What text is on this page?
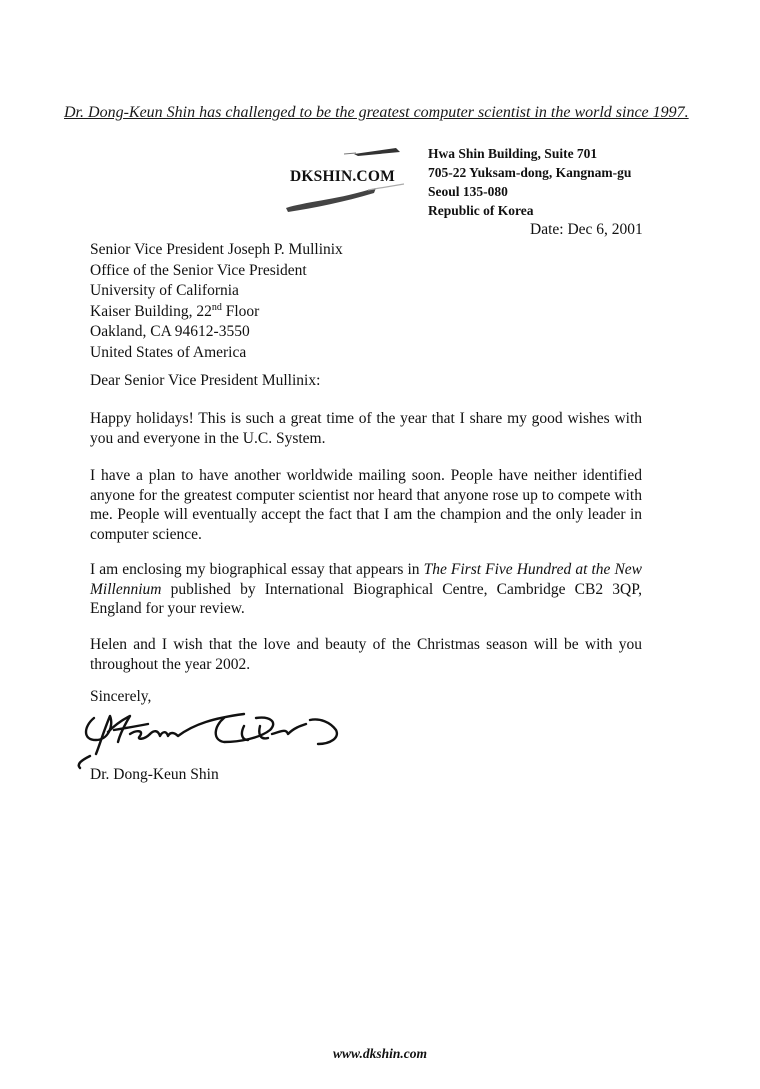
Dr. Dong-Keun Shin has challenged to be the greatest computer scientist in the world since 1997.
DKSHIN.COM
Hwa Shin Building, Suite 701
705-22 Yuksam-dong, Kangnam-gu
Seoul 135-080
Republic of Korea
Date: Dec 6, 2001
Senior Vice President Joseph P. Mullinix
Office of the Senior Vice President
University of California
Kaiser Building, 22nd Floor
Oakland, CA 94612-3550
United States of America
Dear Senior Vice President Mullinix:
Happy holidays! This is such a great time of the year that I share my good wishes with you and everyone in the U.C. System.
I have a plan to have another worldwide mailing soon. People have neither identified anyone for the greatest computer scientist nor heard that anyone rose up to compete with me. People will eventually accept the fact that I am the champion and the only leader in computer science.
I am enclosing my biographical essay that appears in The First Five Hundred at the New Millennium published by International Biographical Centre, Cambridge CB2 3QP, England for your review.
Helen and I wish that the love and beauty of the Christmas season will be with you throughout the year 2002.
Sincerely,
Dr. Dong-Keun Shin
www.dkshin.com
